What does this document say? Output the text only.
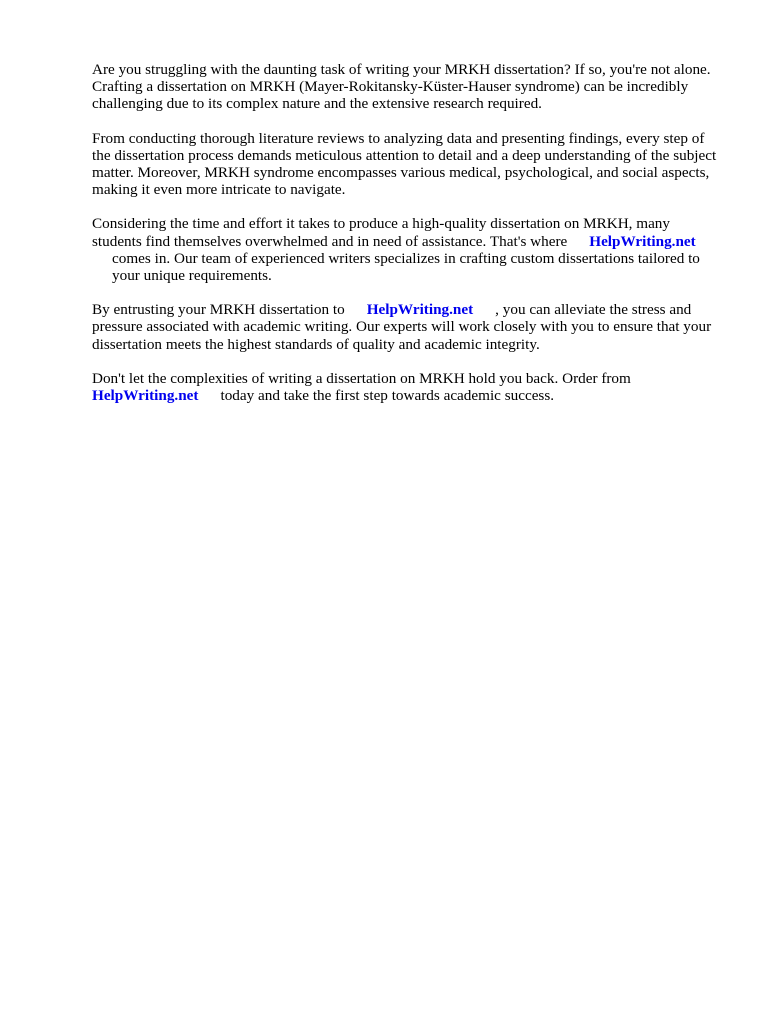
Are you struggling with the daunting task of writing your MRKH dissertation? If so, you're not alone. Crafting a dissertation on MRKH (Mayer-Rokitansky-Küster-Hauser syndrome) can be incredibly challenging due to its complex nature and the extensive research required.

From conducting thorough literature reviews to analyzing data and presenting findings, every step of the dissertation process demands meticulous attention to detail and a deep understanding of the subject matter. Moreover, MRKH syndrome encompasses various medical, psychological, and social aspects, making it even more intricate to navigate.

Considering the time and effort it takes to produce a high-quality dissertation on MRKH, many students find themselves overwhelmed and in need of assistance. That's where HelpWriting.net
comes in. Our team of experienced writers specializes in crafting custom dissertations tailored to your unique requirements.

By entrusting your MRKH dissertation to HelpWriting.net , you can alleviate the stress and pressure associated with academic writing. Our experts will work closely with you to ensure that your dissertation meets the highest standards of quality and academic integrity.

Don't let the complexities of writing a dissertation on MRKH hold you back. Order from
HelpWriting.net today and take the first step towards academic success.
